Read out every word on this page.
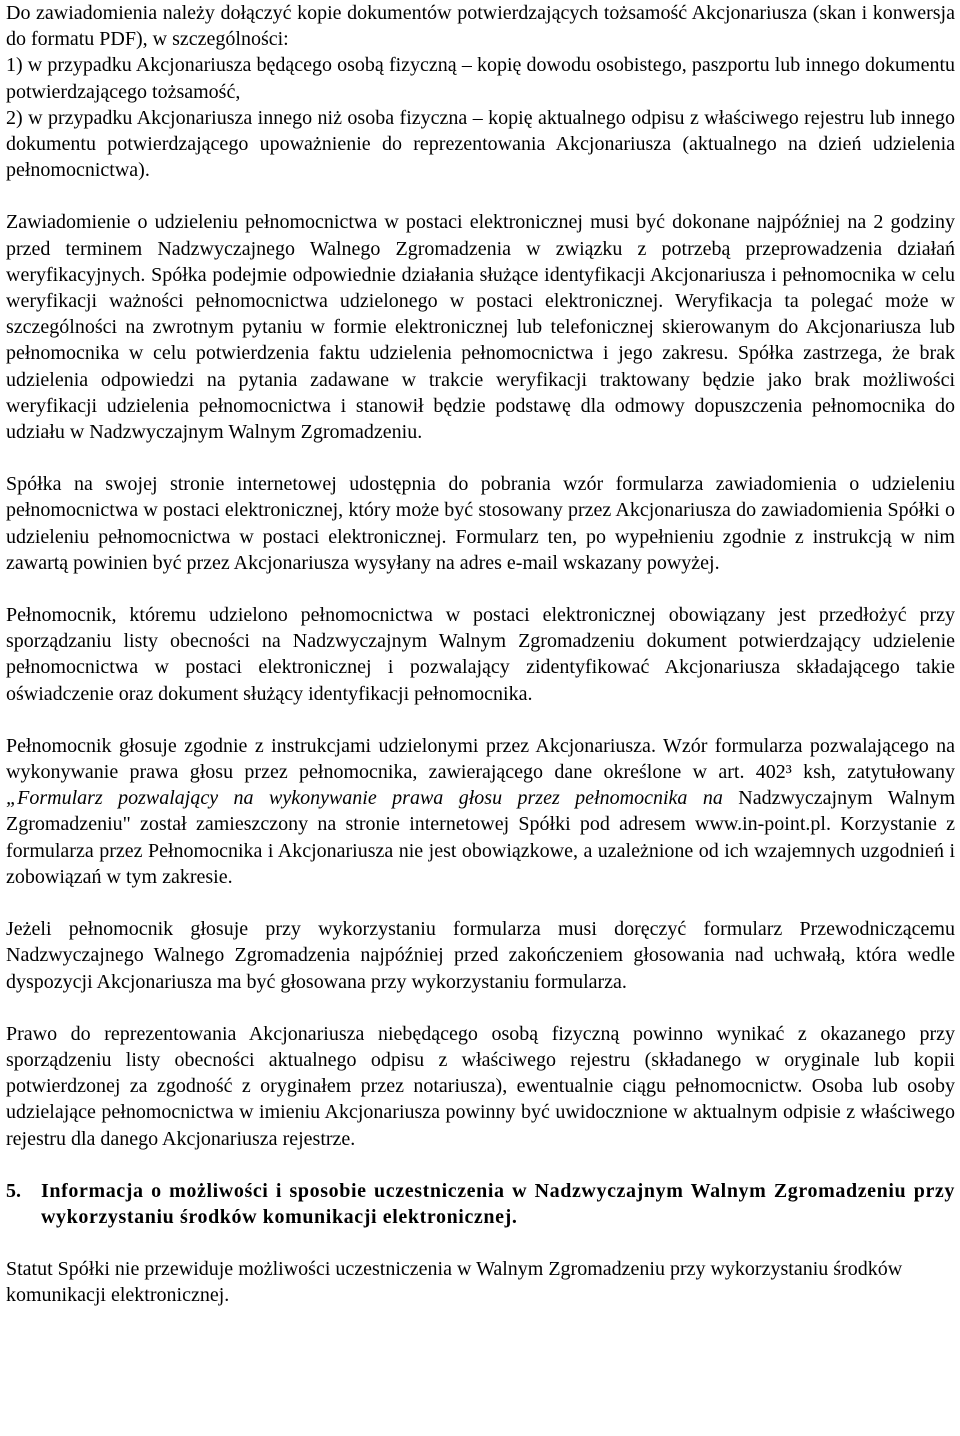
Do zawiadomienia należy dołączyć kopie dokumentów potwierdzających tożsamość Akcjonariusza (skan i konwersja do formatu PDF), w szczególności:

1) w przypadku Akcjonariusza będącego osobą fizyczną – kopię dowodu osobistego, paszportu lub innego dokumentu potwierdzającego tożsamość,

2) w przypadku Akcjonariusza innego niż osoba fizyczna – kopię aktualnego odpisu z właściwego rejestru lub innego dokumentu potwierdzającego upoważnienie do reprezentowania Akcjonariusza (aktualnego na dzień udzielenia pełnomocnictwa).

Zawiadomienie o udzieleniu pełnomocnictwa w postaci elektronicznej musi być dokonane najpóźniej na 2 godziny przed terminem Nadzwyczajnego Walnego Zgromadzenia w związku z potrzebą przeprowadzenia działań weryfikacyjnych. Spółka podejmie odpowiednie działania służące identyfikacji Akcjonariusza i pełnomocnika w celu weryfikacji ważności pełnomocnictwa udzielonego w postaci elektronicznej. Weryfikacja ta polegać może w szczególności na zwrotnym pytaniu w formie elektronicznej lub telefonicznej skierowanym do Akcjonariusza lub pełnomocnika w celu potwierdzenia faktu udzielenia pełnomocnictwa i jego zakresu. Spółka zastrzega, że brak udzielenia odpowiedzi na pytania zadawane w trakcie weryfikacji traktowany będzie jako brak możliwości weryfikacji udzielenia pełnomocnictwa i stanowił będzie podstawę dla odmowy dopuszczenia pełnomocnika do udziału w Nadzwyczajnym Walnym Zgromadzeniu.

Spółka na swojej stronie internetowej udostępnia do pobrania wzór formularza zawiadomienia o udzieleniu pełnomocnictwa w postaci elektronicznej, który może być stosowany przez Akcjonariusza do zawiadomienia Spółki o udzieleniu pełnomocnictwa w postaci elektronicznej. Formularz ten, po wypełnieniu zgodnie z instrukcją w nim zawartą powinien być przez Akcjonariusza wysyłany na adres e-mail wskazany powyżej.

Pełnomocnik, któremu udzielono pełnomocnictwa w postaci elektronicznej obowiązany jest przedłożyć przy sporządzaniu listy obecności na Nadzwyczajnym Walnym Zgromadzeniu dokument potwierdzający udzielenie pełnomocnictwa w postaci elektronicznej i pozwalający zidentyfikować Akcjonariusza składającego takie oświadczenie oraz dokument służący identyfikacji pełnomocnika.

Pełnomocnik głosuje zgodnie z instrukcjami udzielonymi przez Akcjonariusza. Wzór formularza pozwalającego na wykonywanie prawa głosu przez pełnomocnika, zawierającego dane określone w art. 402³ ksh, zatytułowany „Formularz pozwalający na wykonywanie prawa głosu przez pełnomocnika na Nadzwyczajnym Walnym Zgromadzeniu" został zamieszczony na stronie internetowej Spółki pod adresem www.in-point.pl. Korzystanie z formularza przez Pełnomocnika i Akcjonariusza nie jest obowiązkowe, a uzależnione od ich wzajemnych uzgodnień i zobowiązań w tym zakresie.

Jeżeli pełnomocnik głosuje przy wykorzystaniu formularza musi doręczyć formularz Przewodniczącemu Nadzwyczajnego Walnego Zgromadzenia najpóźniej przed zakończeniem głosowania nad uchwałą, która wedle dyspozycji Akcjonariusza ma być głosowana przy wykorzystaniu formularza.

Prawo do reprezentowania Akcjonariusza niebędącego osobą fizyczną powinno wynikać z okazanego przy sporządzeniu listy obecności aktualnego odpisu z właściwego rejestru (składanego w oryginale lub kopii potwierdzonej za zgodność z oryginałem przez notariusza), ewentualnie ciągu pełnomocnictw. Osoba lub osoby udzielające pełnomocnictwa w imieniu Akcjonariusza powinny być uwidocznione w aktualnym odpisie z właściwego rejestru dla danego Akcjonariusza rejestrze.

5.	Informacja o możliwości i sposobie uczestniczenia w Nadzwyczajnym Walnym Zgromadzeniu przy wykorzystaniu środków komunikacji elektronicznej.

Statut Spółki nie przewiduje możliwości uczestniczenia w Walnym Zgromadzeniu przy wykorzystaniu środków komunikacji elektronicznej.
